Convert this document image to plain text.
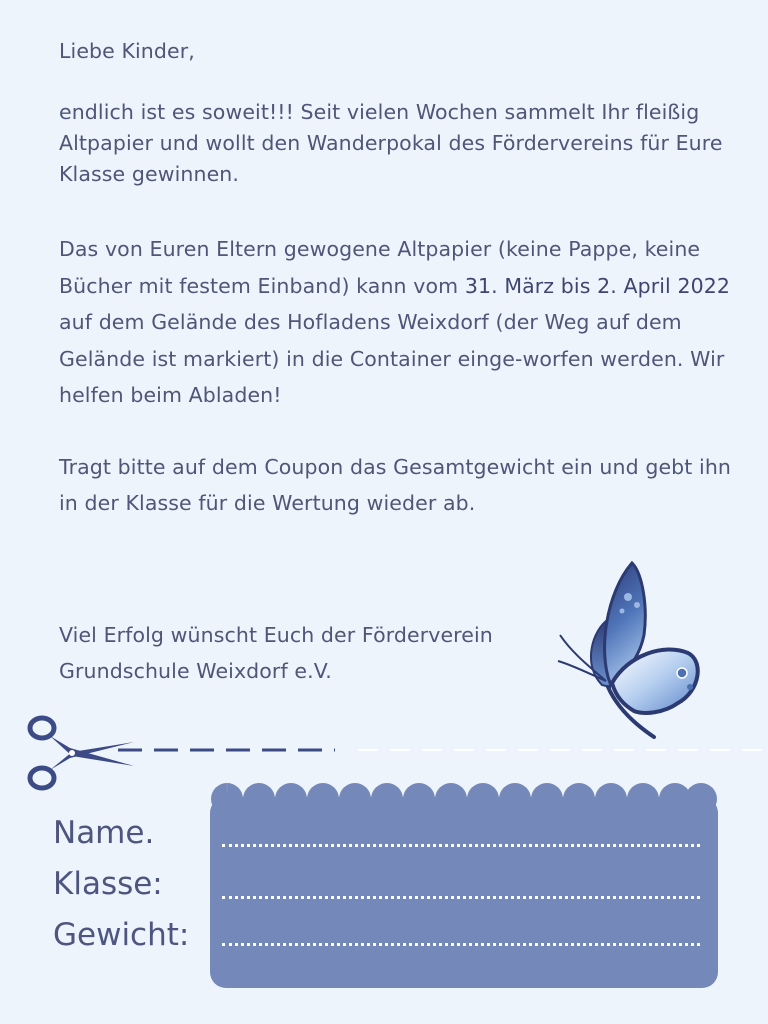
Liebe Kinder,

endlich ist es soweit!!! Seit vielen Wochen sammelt Ihr fleißig Altpapier und wollt den Wanderpokal des Fördervereins für Eure Klasse gewinnen.

Das von Euren Eltern gewogene Altpapier (keine Pappe, keine Bücher mit festem Einband) kann vom 31. März bis 2. April 2022 auf dem Gelände des Hofladens Weixdorf (der Weg auf dem Gelände ist markiert) in die Container einge-worfen werden. Wir helfen beim Abladen!

Tragt bitte auf dem Coupon das Gesamtgewicht ein und gebt ihn in der Klasse für die Wertung wieder ab.

Viel Erfolg wünscht Euch der Förderverein
Grundschule Weixdorf e.V.

Name.

Klasse:

Gewicht:
